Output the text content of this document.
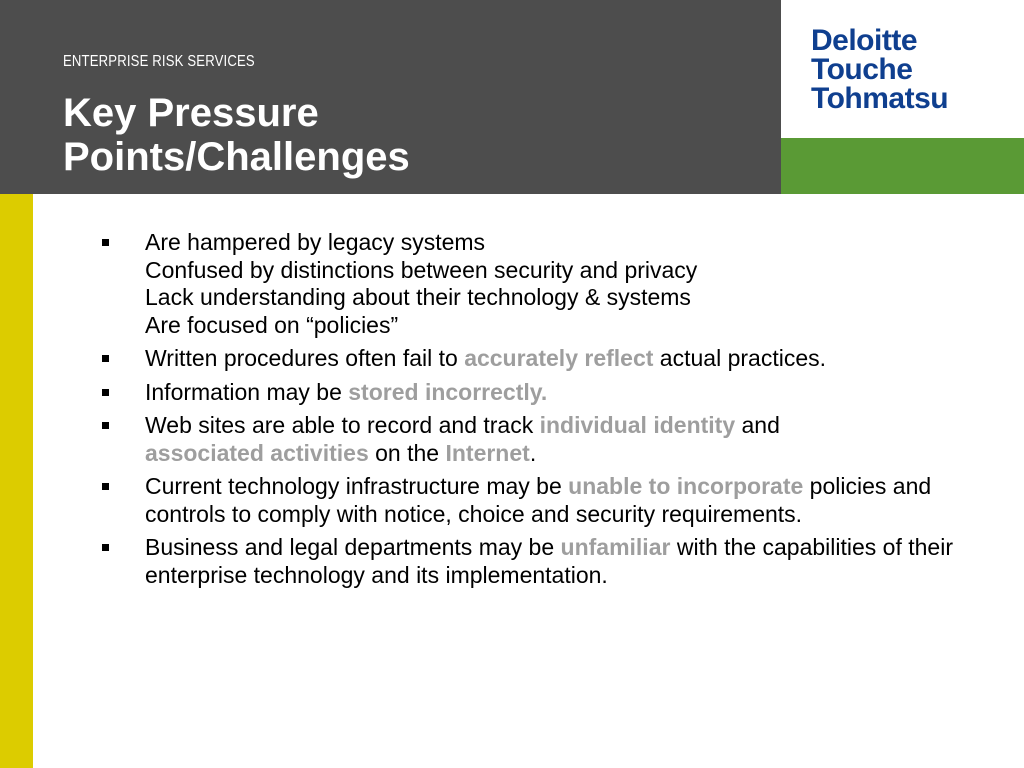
ENTERPRISE RISK SERVICES
Key Pressure
Points/Challenges
Deloitte
Touche
Tohmatsu
Are hampered by legacy systems
Confused by distinctions between security and privacy
Lack understanding about their technology & systems
Are focused on “policies”
Written procedures often fail to accurately reflect actual practices.
Information may be stored incorrectly.
Web sites are able to record and track individual identity and
associated activities on the Internet.
Current technology infrastructure may be unable to incorporate policies and controls to comply with notice, choice and security requirements.
Business and legal departments may be unfamiliar with the capabilities of their enterprise technology and its implementation.
